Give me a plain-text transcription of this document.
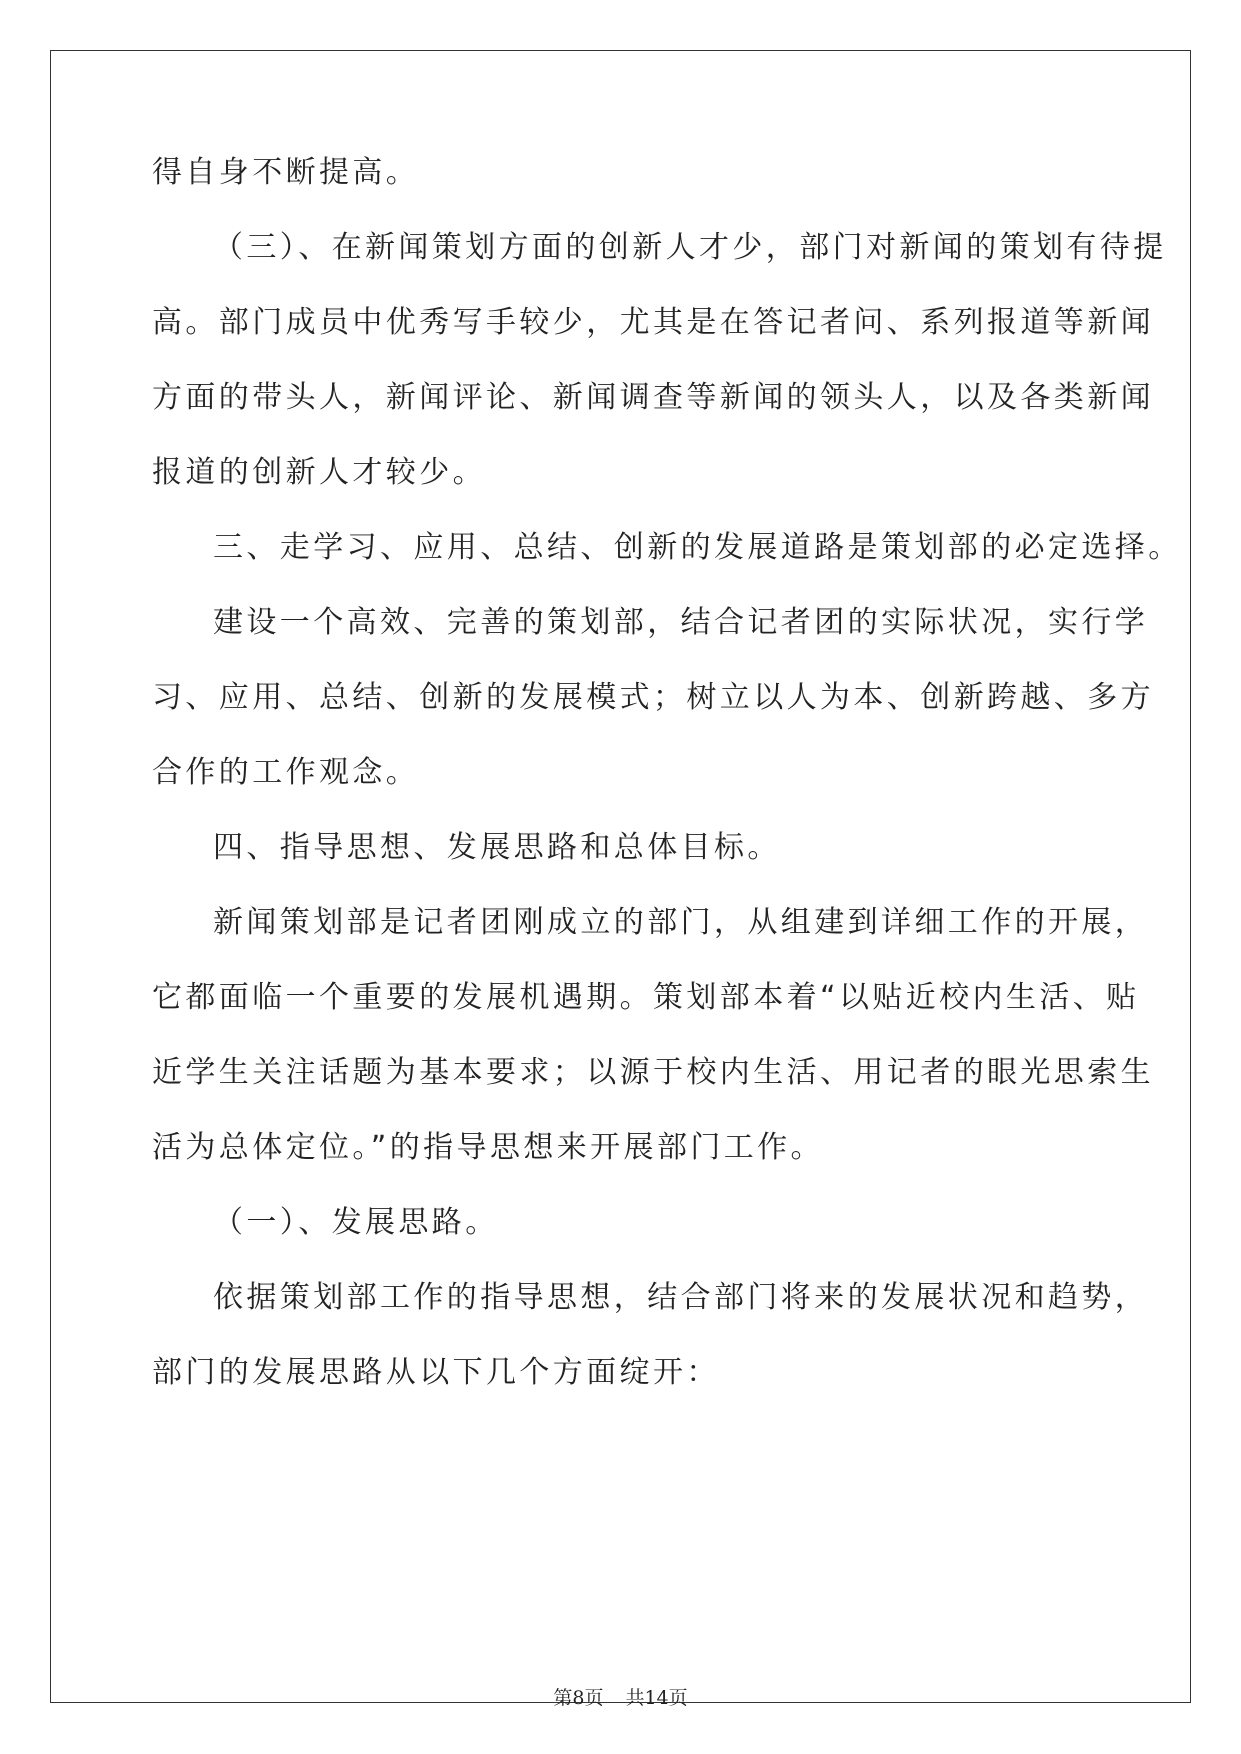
得自身不断提高。
（三）、在新闻策划方面的创新人才少，部门对新闻的策划有待提
高。部门成员中优秀写手较少，尤其是在答记者问、系列报道等新闻
方面的带头人，新闻评论、新闻调查等新闻的领头人，以及各类新闻
报道的创新人才较少。
三、走学习、应用、总结、创新的发展道路是策划部的必定选择。
建设一个高效、完善的策划部，结合记者团的实际状况，实行学
习、应用、总结、创新的发展模式；树立以人为本、创新跨越、多方
合作的工作观念。
四、指导思想、发展思路和总体目标。
新闻策划部是记者团刚成立的部门，从组建到详细工作的开展，
它都面临一个重要的发展机遇期。策划部本着“以贴近校内生活、贴
近学生关注话题为基本要求；以源于校内生活、用记者的眼光思索生
活为总体定位。”的指导思想来开展部门工作。
（一）、发展思路。
依据策划部工作的指导思想，结合部门将来的发展状况和趋势，
部门的发展思路从以下几个方面绽开：
第8页 共14页
